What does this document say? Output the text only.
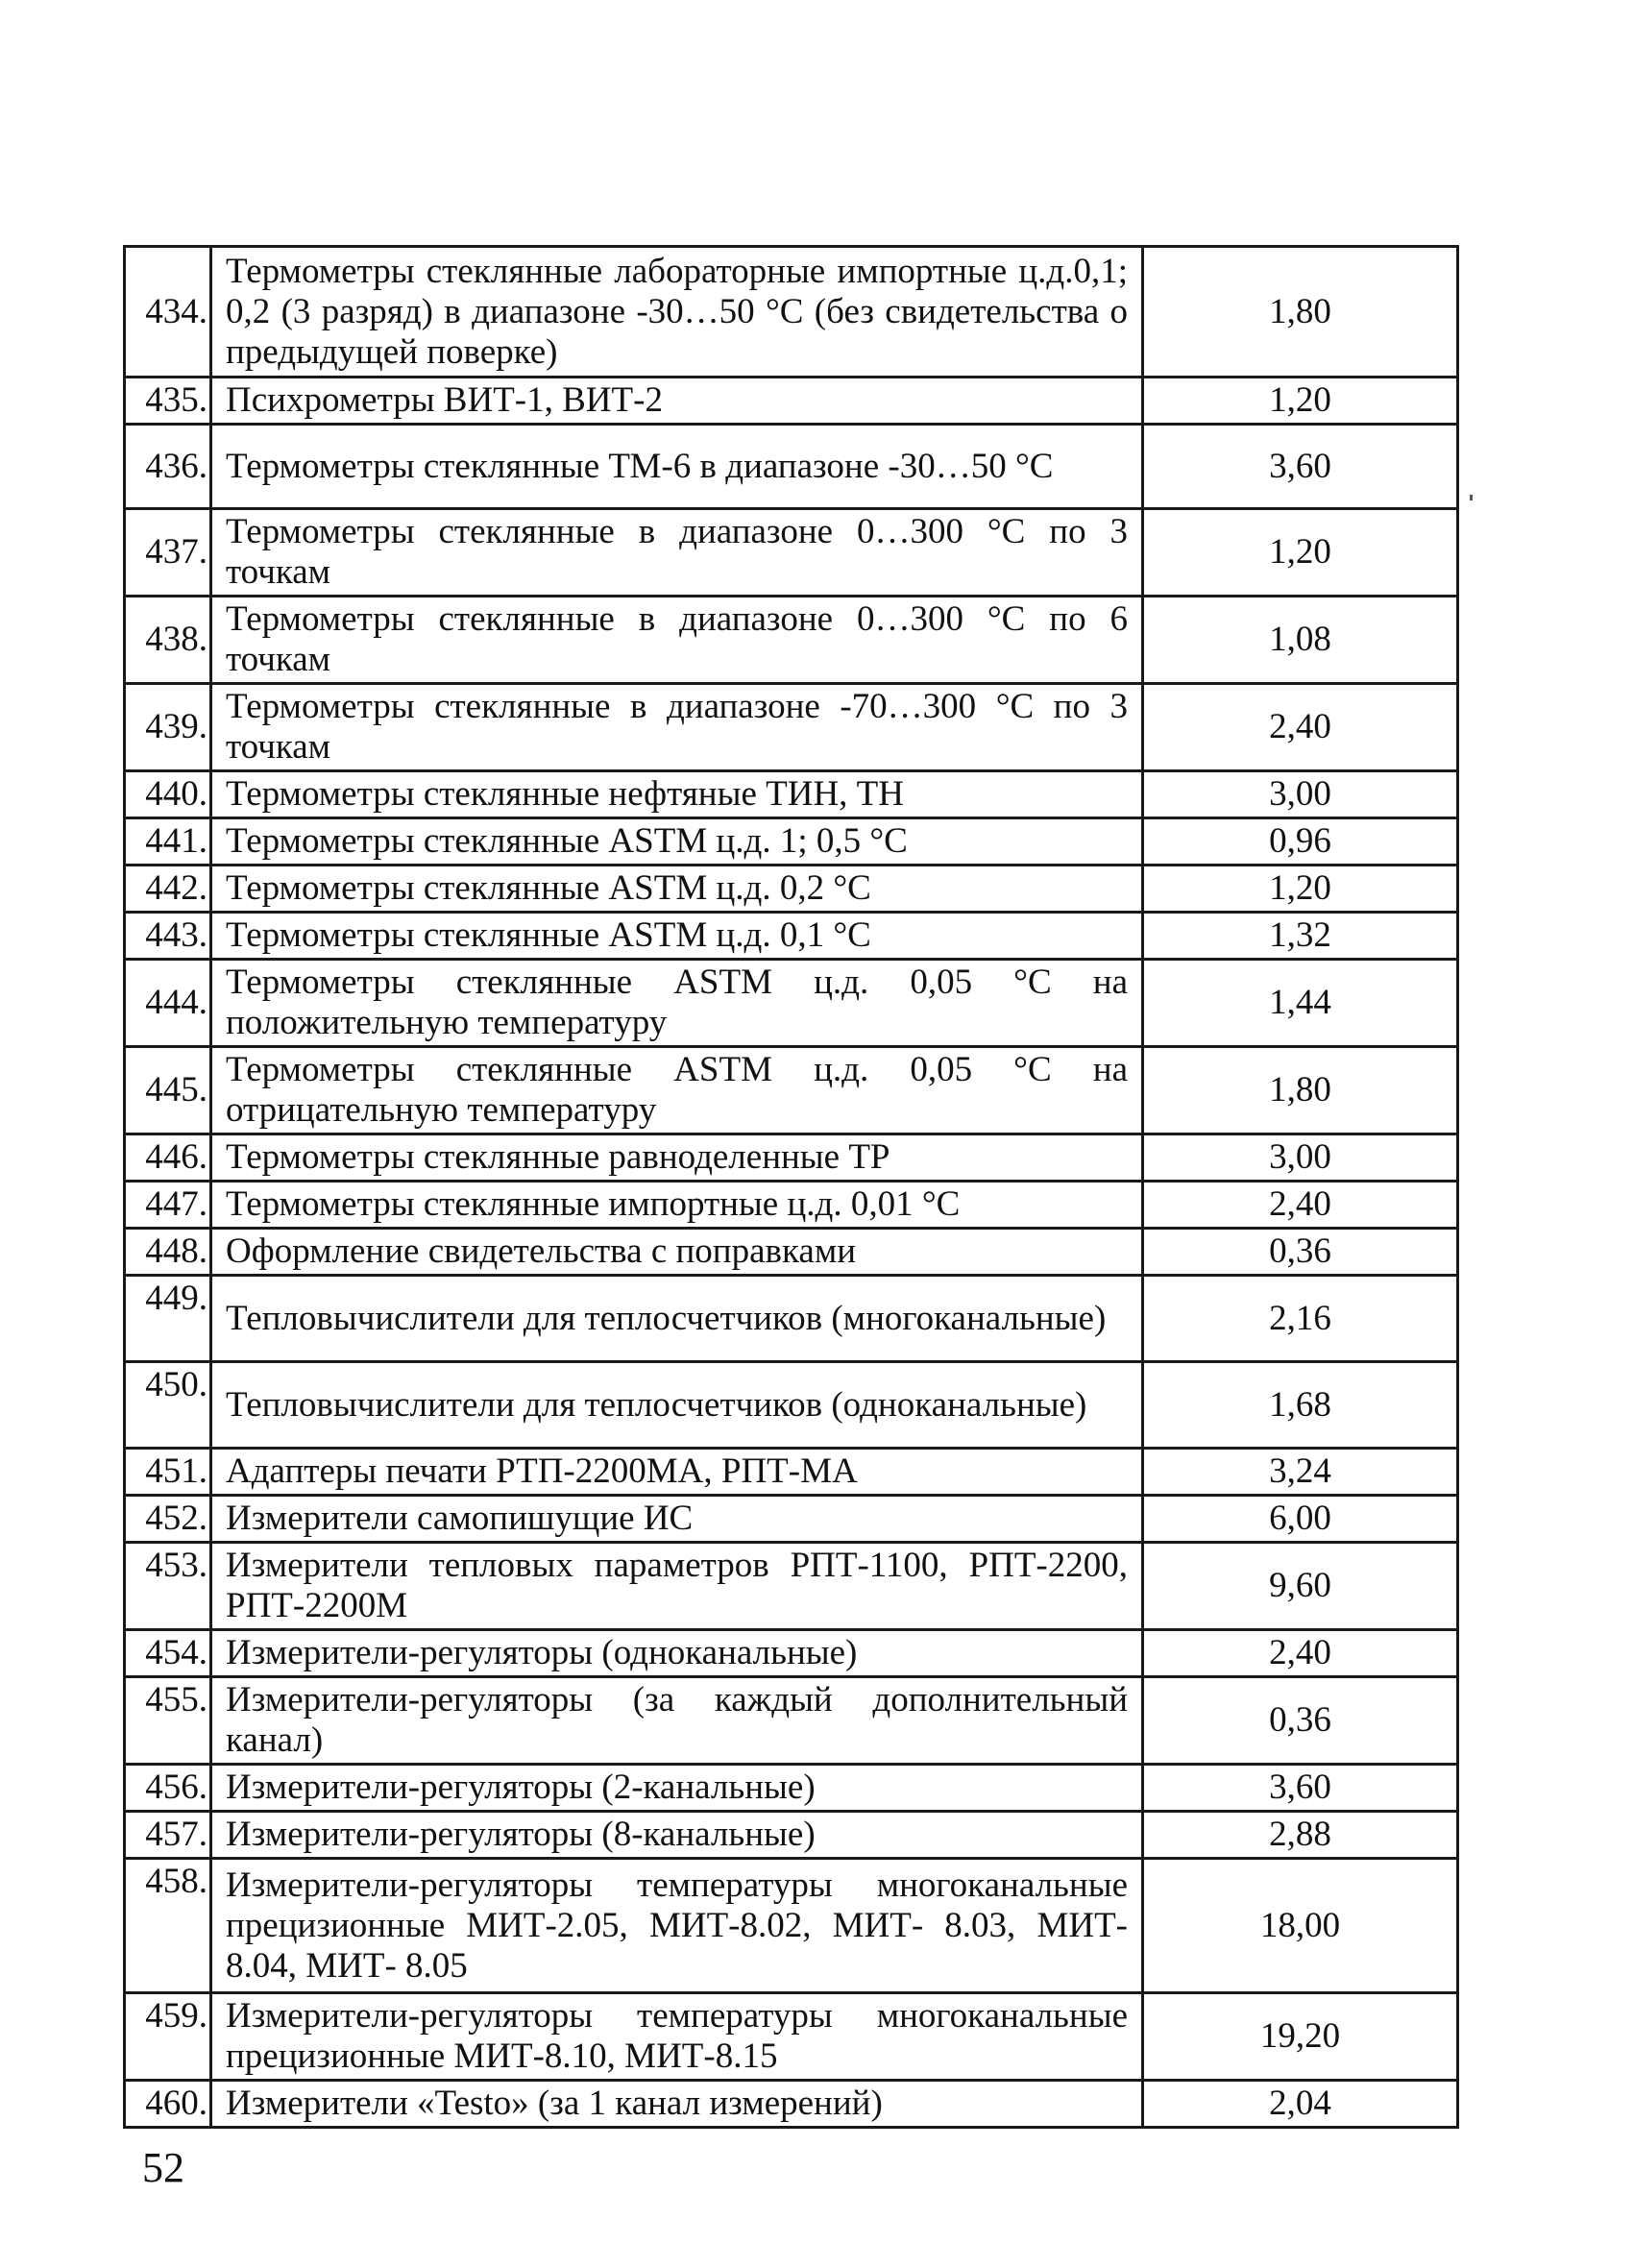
434.	Термометры стеклянные лабораторные импортные ц.д.0,1; 0,2 (3 разряд) в диапазоне -30…50 °С (без свидетельства о предыдущей поверке)	1,80
435.	Психрометры ВИТ-1, ВИТ-2	1,20
436.	Термометры стеклянные ТМ-6 в диапазоне -30…50 °С	3,60
437.	Термометры стеклянные в диапазоне 0…300 °С по 3 точкам	1,20
438.	Термометры стеклянные в диапазоне 0…300 °С по 6 точкам	1,08
439.	Термометры стеклянные в диапазоне -70…300 °С по 3 точкам	2,40
440.	Термометры стеклянные нефтяные ТИН, ТН	3,00
441.	Термометры стеклянные ASTM ц.д. 1; 0,5 °С	0,96
442.	Термометры стеклянные ASTM ц.д. 0,2 °С	1,20
443.	Термометры стеклянные ASTM ц.д. 0,1 °С	1,32
444.	Термометры стеклянные ASTM ц.д. 0,05 °С на положительную температуру	1,44
445.	Термометры стеклянные ASTM ц.д. 0,05 °С на отрицательную температуру	1,80
446.	Термометры стеклянные равноделенные ТР	3,00
447.	Термометры стеклянные импортные ц.д. 0,01 °С	2,40
448.	Оформление свидетельства с поправками	0,36
449.	Тепловычислители для теплосчетчиков (многоканальные)	2,16
450.	Тепловычислители для теплосчетчиков (одноканальные)	1,68
451.	Адаптеры печати РТП-2200МА, РПТ-МА	3,24
452.	Измерители самопишущие ИС	6,00
453.	Измерители тепловых параметров РПТ-1100, РПТ-2200, РПТ-2200М	9,60
454.	Измерители-регуляторы (одноканальные)	2,40
455.	Измерители-регуляторы (за каждый дополнительный канал)	0,36
456.	Измерители-регуляторы (2-канальные)	3,60
457.	Измерители-регуляторы (8-канальные)	2,88
458.	Измерители-регуляторы температуры многоканальные прецизионные МИТ-2.05, МИТ-8.02, МИТ- 8.03, МИТ- 8.04, МИТ- 8.05	18,00
459.	Измерители-регуляторы температуры многоканальные прецизионные МИТ-8.10, МИТ-8.15	19,20
460.	Измерители «Testo» (за 1 канал измерений)	2,04
52
